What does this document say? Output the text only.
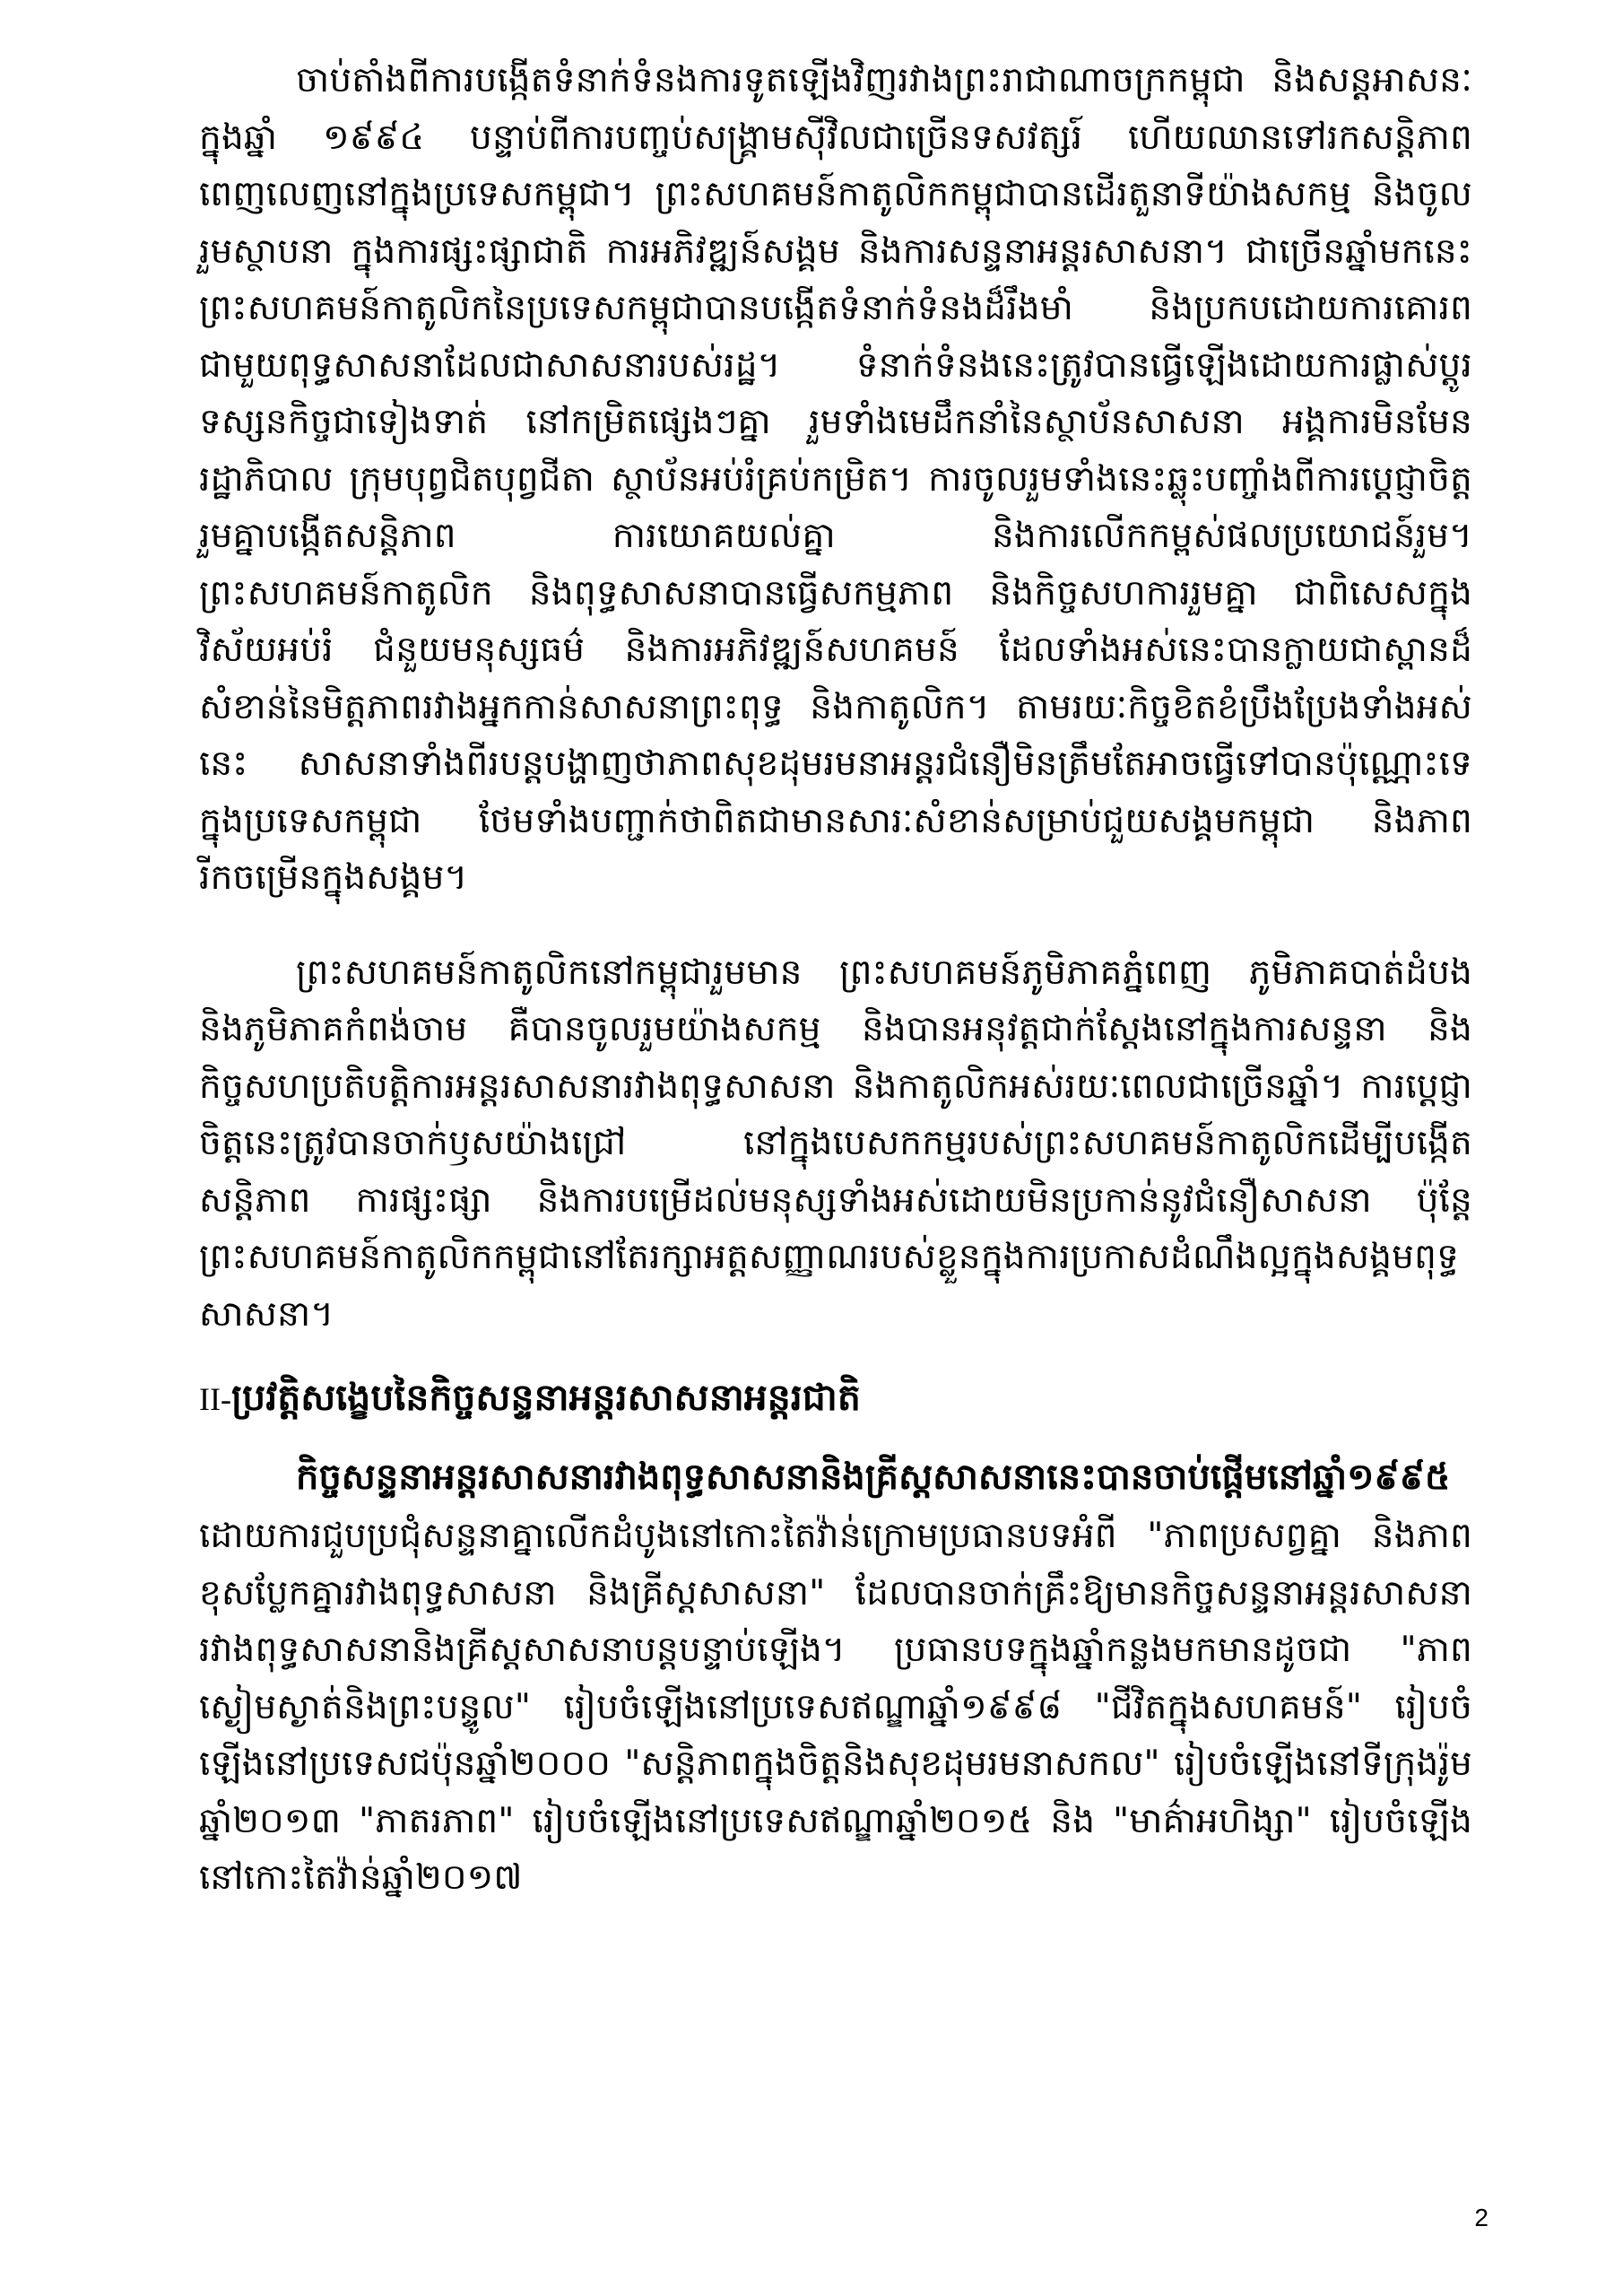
ចាប់តាំងពីការបង្កើតទំនាក់ទំនងការទូតឡើងវិញរវាងព្រះរាជាណាចក្រកម្ពុជា និងសន្តអាសនៈក្នុងឆ្នាំ ១៩៩៤ បន្ទាប់ពីការបញ្ចប់សង្គ្រាមស៊ីវិលជាច្រើនទសវត្សរ៍ ហើយឈានទៅរកសន្តិភាពពេញលេញនៅក្នុងប្រទេសកម្ពុជា។ ព្រះសហគមន៍កាតូលិកកម្ពុជាបានដើរតួនាទីយ៉ាងសកម្ម និងចូលរួមស្ថាបនា ក្នុងការផ្សះផ្សាជាតិ ការអភិវឌ្ឍន៍សង្គម និងការសន្ទនាអន្តរសាសនា។ ជាច្រើនឆ្នាំមកនេះ ព្រះសហគមន៍កាតូលិកនៃប្រទេសកម្ពុជាបានបង្កើតទំនាក់ទំនងដ៏រឹងមាំ និងប្រកបដោយការគោរពជាមួយពុទ្ធសាសនាដែលជាសាសនារបស់រដ្ឋ។ ទំនាក់ទំនងនេះត្រូវបានធ្វើឡើងដោយការផ្លាស់ប្តូរទស្សនកិច្ចជាទៀងទាត់ នៅកម្រិតផ្សេងៗគ្នា រួមទាំងមេដឹកនាំនៃស្ថាប័នសាសនា អង្គការមិនមែនរដ្ឋាភិបាល ក្រុមបុព្វជិតបុព្វជីតា ស្ថាប័នអប់រំគ្រប់កម្រិត។ ការចូលរួមទាំងនេះឆ្លុះបញ្ចាំងពីការប្តេជ្ញាចិត្តរួមគ្នាបង្កើតសន្តិភាព ការយោគយល់គ្នា និងការលើកកម្ពស់ផលប្រយោជន៍រួម។ ព្រះសហគមន៍កាតូលិក និងពុទ្ធសាសនាបានធ្វើសកម្មភាព និងកិច្ចសហការរួមគ្នា ជាពិសេសក្នុងវិស័យអប់រំ ជំនួយមនុស្សធម៌ និងការអភិវឌ្ឍន៍សហគមន៍ ដែលទាំងអស់នេះបានក្លាយជាស្ពានដ៏សំខាន់នៃមិត្តភាពរវាងអ្នកកាន់សាសនាព្រះពុទ្ធ និងកាតូលិក។ តាមរយៈកិច្ចខិតខំប្រឹងប្រែងទាំងអស់នេះ សាសនាទាំងពីរបន្តបង្ហាញថាភាពសុខដុមរមនាអន្តរជំនឿមិនត្រឹមតែអាចធ្វើទៅបានប៉ុណ្ណោះទេក្នុងប្រទេសកម្ពុជា ថែមទាំងបញ្ជាក់ថាពិតជាមានសារៈសំខាន់សម្រាប់ជួយសង្គមកម្ពុជា និងភាពរីកចម្រើនក្នុងសង្គម។

ព្រះសហគមន៍កាតូលិកនៅកម្ពុជារួមមាន ព្រះសហគមន៍ភូមិភាគភ្នំពេញ ភូមិភាគបាត់ដំបង និងភូមិភាគកំពង់ចាម គឺបានចូលរួមយ៉ាងសកម្ម និងបានអនុវត្តជាក់ស្តែងនៅក្នុងការសន្ទនា និងកិច្ចសហប្រតិបត្តិការអន្តរសាសនារវាងពុទ្ធសាសនា និងកាតូលិកអស់រយៈពេលជាច្រើនឆ្នាំ។ ការប្តេជ្ញាចិត្តនេះត្រូវបានចាក់ឫសយ៉ាងជ្រៅ នៅក្នុងបេសកកម្មរបស់ព្រះសហគមន៍កាតូលិកដើម្បីបង្កើតសន្តិភាព ការផ្សះផ្សា និងការបម្រើដល់មនុស្សទាំងអស់ដោយមិនប្រកាន់នូវជំនឿសាសនា ប៉ុន្តែព្រះសហគមន៍កាតូលិកកម្ពុជានៅតែរក្សាអត្តសញ្ញាណរបស់ខ្លួនក្នុងការប្រកាសដំណឹងល្អក្នុងសង្គមពុទ្ធសាសនា។

II-ប្រវត្តិសង្ខេបនៃកិច្ចសន្ទនាអន្តរសាសនាអន្តរជាតិ

កិច្ចសន្ទនាអន្តរសាសនារវាងពុទ្ធសាសនានិងគ្រីស្តសាសនានេះបានចាប់ផ្តើមនៅឆ្នាំ១៩៩៥

ដោយការជួបប្រជុំសន្ទនាគ្នាលើកដំបូងនៅកោះតៃវ៉ាន់ក្រោមប្រធានបទអំពី "ភាពប្រសព្វគ្នា និងភាពខុសប្លែកគ្នារវាងពុទ្ធសាសនា និងគ្រីស្តសាសនា" ដែលបានចាក់គ្រឹះឱ្យមានកិច្ចសន្ទនាអន្តរសាសនារវាងពុទ្ធសាសនានិងគ្រីស្តសាសនាបន្តបន្ទាប់ឡើង។ ប្រធានបទក្នុងឆ្នាំកន្លងមកមានដូចជា "ភាពស្ងៀមស្ងាត់និងព្រះបន្ទូល" រៀបចំឡើងនៅប្រទេសឥណ្ឌាឆ្នាំ១៩៩៨ "ជីវិតក្នុងសហគមន៍" រៀបចំឡើងនៅប្រទេសជប៉ុនឆ្នាំ២០០០ "សន្តិភាពក្នុងចិត្តនិងសុខដុមរមនាសកល" រៀបចំឡើងនៅទីក្រុងរ៉ូមឆ្នាំ២០១៣ "ភាតរភាព" រៀបចំឡើងនៅប្រទេសឥណ្ឌាឆ្នាំ២០១៥ និង "មាគ៌ាអហិង្សា" រៀបចំឡើងនៅកោះតៃវ៉ាន់ឆ្នាំ២០១៧

2
